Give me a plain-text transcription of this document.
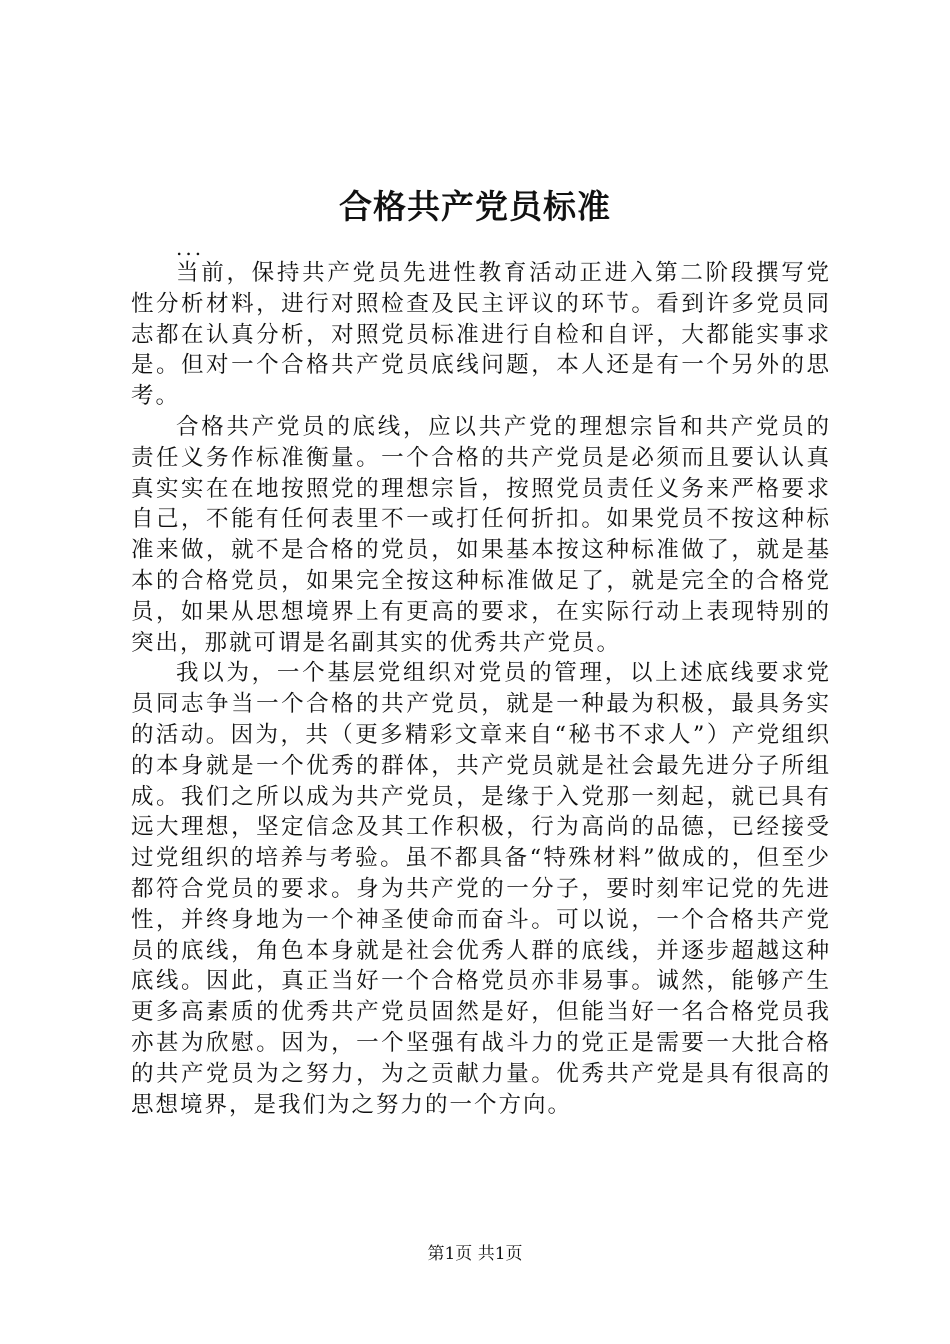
合格共产党员标准

...

当前，保持共产党员先进性教育活动正进入第二阶段撰写党性分析材料，进行对照检查及民主评议的环节。看到许多党员同志都在认真分析，对照党员标准进行自检和自评，大都能实事求是。但对一个合格共产党员底线问题，本人还是有一个另外的思考。

合格共产党员的底线，应以共产党的理想宗旨和共产党员的责任义务作标准衡量。一个合格的共产党员是必须而且要认认真真实实在在地按照党的理想宗旨，按照党员责任义务来严格要求自己，不能有任何表里不一或打任何折扣。如果党员不按这种标准来做，就不是合格的党员，如果基本按这种标准做了，就是基本的合格党员，如果完全按这种标准做足了，就是完全的合格党员，如果从思想境界上有更高的要求，在实际行动上表现特别的突出，那就可谓是名副其实的优秀共产党员。

我以为，一个基层党组织对党员的管理，以上述底线要求党员同志争当一个合格的共产党员，就是一种最为积极，最具务实的活动。因为，共（更多精彩文章来自“秘书不求人”）产党组织的本身就是一个优秀的群体，共产党员就是社会最先进分子所组成。我们之所以成为共产党员，是缘于入党那一刻起，就已具有远大理想，坚定信念及其工作积极，行为高尚的品德，已经接受过党组织的培养与考验。虽不都具备“特殊材料”做成的，但至少都符合党员的要求。身为共产党的一分子，要时刻牢记党的先进性，并终身地为一个神圣使命而奋斗。可以说，一个合格共产党员的底线，角色本身就是社会优秀人群的底线，并逐步超越这种底线。因此，真正当好一个合格党员亦非易事。诚然，能够产生更多高素质的优秀共产党员固然是好，但能当好一名合格党员我亦甚为欣慰。因为，一个坚强有战斗力的党正是需要一大批合格的共产党员为之努力，为之贡献力量。优秀共产党是具有很高的思想境界，是我们为之努力的一个方向。

第1页 共1页
